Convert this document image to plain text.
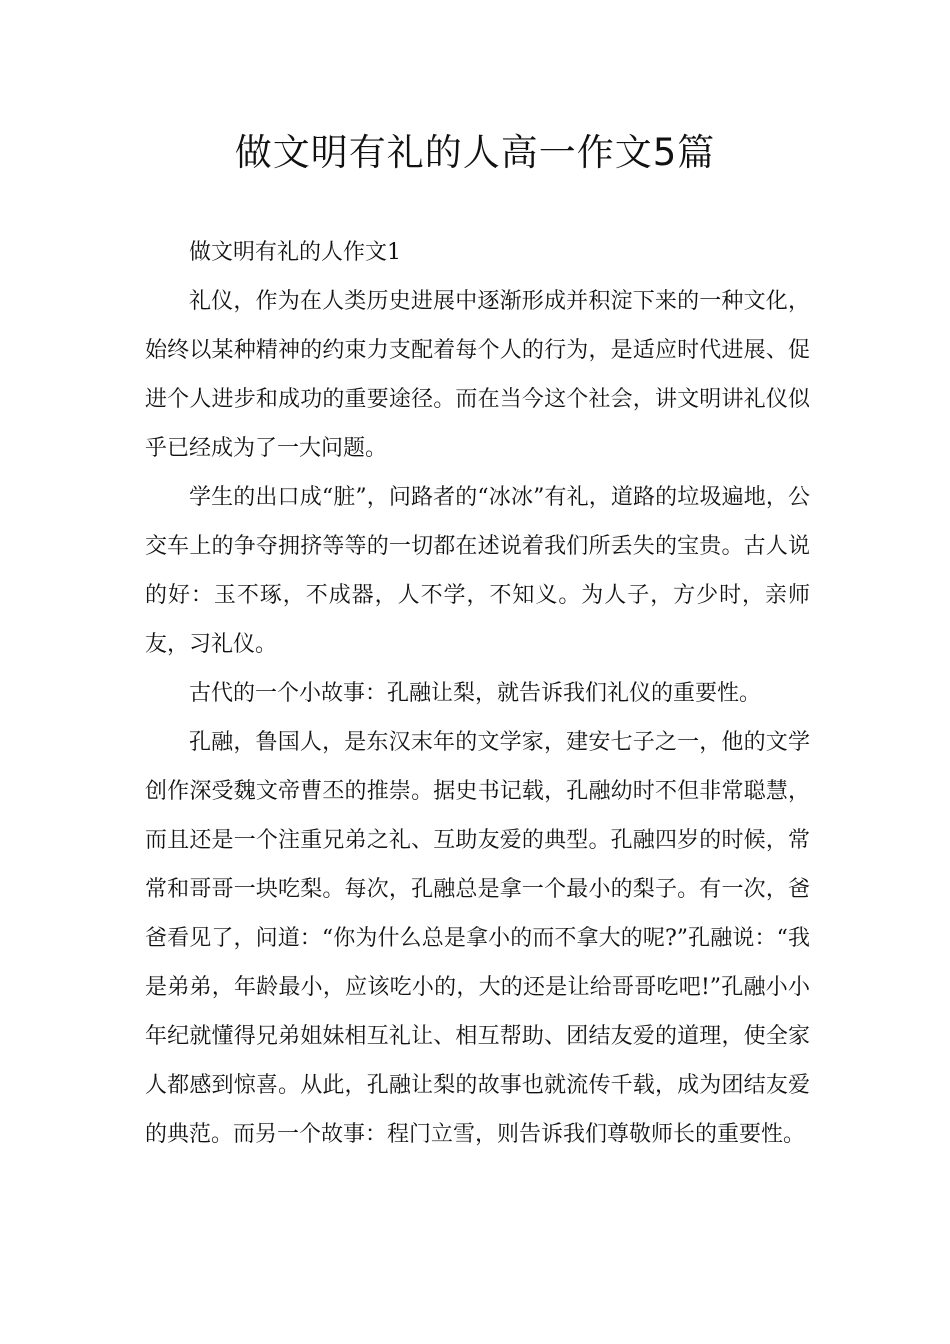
做文明有礼的人高一作文5篇

做文明有礼的人作文1

礼仪，作为在人类历史进展中逐渐形成并积淀下来的一种文化，始终以某种精神的约束力支配着每个人的行为，是适应时代进展、促进个人进步和成功的重要途径。而在当今这个社会，讲文明讲礼仪似乎已经成为了一大问题。

学生的出口成“脏”，问路者的“冰冰”有礼，道路的垃圾遍地，公交车上的争夺拥挤等等的一切都在述说着我们所丢失的宝贵。古人说的好：玉不琢，不成器，人不学，不知义。为人子，方少时，亲师友，习礼仪。

古代的一个小故事：孔融让梨，就告诉我们礼仪的重要性。

孔融，鲁国人，是东汉末年的文学家，建安七子之一，他的文学创作深受魏文帝曹丕的推崇。据史书记载，孔融幼时不但非常聪慧，而且还是一个注重兄弟之礼、互助友爱的典型。孔融四岁的时候，常常和哥哥一块吃梨。每次，孔融总是拿一个最小的梨子。有一次，爸爸看见了，问道：“你为什么总是拿小的而不拿大的呢?”孔融说：“我是弟弟，年龄最小，应该吃小的，大的还是让给哥哥吃吧!”孔融小小年纪就懂得兄弟姐妹相互礼让、相互帮助、团结友爱的道理，使全家人都感到惊喜。从此，孔融让梨的故事也就流传千载，成为团结友爱的典范。而另一个故事：程门立雪，则告诉我们尊敬师长的重要性。
